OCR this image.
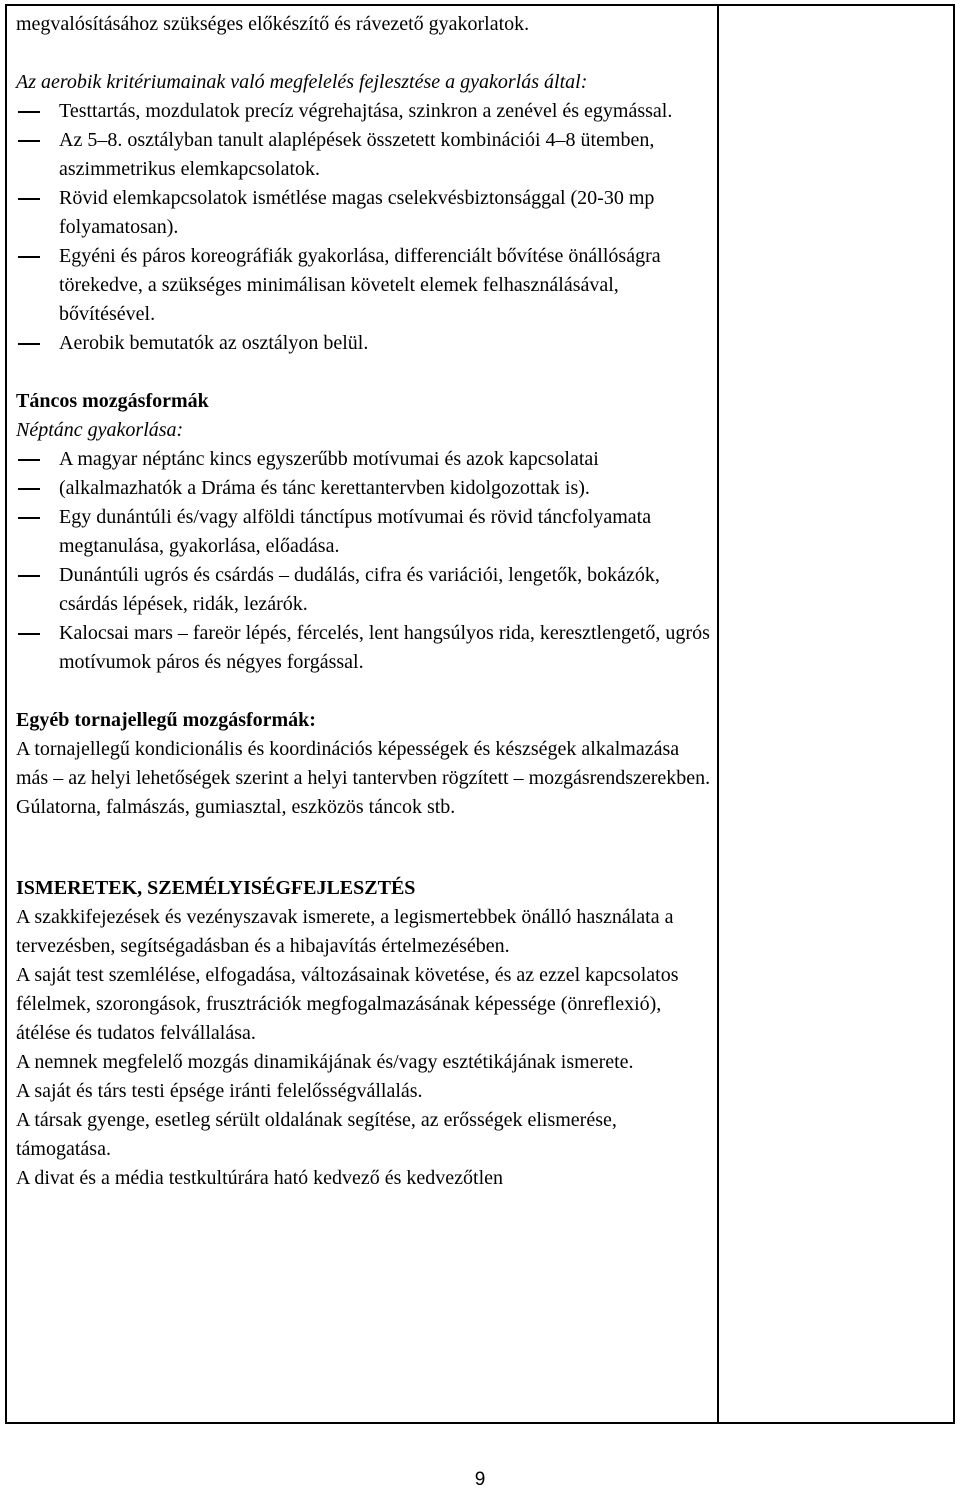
megvalósításához szükséges előkészítő és rávezető gyakorlatok.

Az aerobik kritériumainak való megfelelés fejlesztése a gyakorlás által:

Testtartás, mozdulatok precíz végrehajtása, szinkron a zenével és egymással.

Az 5–8. osztályban tanult alaplépések összetett kombinációi 4–8 ütemben, aszimmetrikus elemkapcsolatok.

Rövid elemkapcsolatok ismétlése magas cselekvésbiztonsággal (20-30 mp folyamatosan).

Egyéni és páros koreográfiák gyakorlása, differenciált bővítése önállóságra törekedve, a szükséges minimálisan követelt elemek felhasználásával, bővítésével.

Aerobik bemutatók az osztályon belül.

Táncos mozgásformák

Néptánc gyakorlása:

A magyar néptánc kincs egyszerűbb motívumai és azok kapcsolatai

(alkalmazhatók a Dráma és tánc kerettantervben kidolgozottak is).

Egy dunántúli és/vagy alföldi tánctípus motívumai és rövid táncfolyamata megtanulása, gyakorlása, előadása.

Dunántúli ugrós és csárdás – dudálás, cifra és variációi, lengetők, bokázók, csárdás lépések, ridák, lezárók.

Kalocsai mars – fareör lépés, fércelés, lent hangsúlyos rida, keresztlengető, ugrós motívumok páros és négyes forgással.

Egyéb tornajellegű mozgásformák:

A tornajellegű kondicionális és koordinációs képességek és készségek alkalmazása más – az helyi lehetőségek szerint a helyi tantervben rögzített – mozgásrendszerekben.

Gúlatorna, falmászás, gumiasztal, eszközös táncok stb.

ISMERETEK, SZEMÉLYISÉGFEJLESZTÉS

A szakkifejezések és vezényszavak ismerete, a legismertebbek önálló használata a tervezésben, segítségadásban és a hibajavítás értelmezésében.

A saját test szemlélése, elfogadása, változásainak követése, és az ezzel kapcsolatos félelmek, szorongások, frusztrációk megfogalmazásának képessége (önreflexió), átélése és tudatos felvállalása.

A nemnek megfelelő mozgás dinamikájának és/vagy esztétikájának ismerete.

A saját és társ testi épsége iránti felelősségvállalás.

A társak gyenge, esetleg sérült oldalának segítése, az erősségek elismerése, támogatása.

A divat és a média testkultúrára ható kedvező és kedvezőtlen

9
